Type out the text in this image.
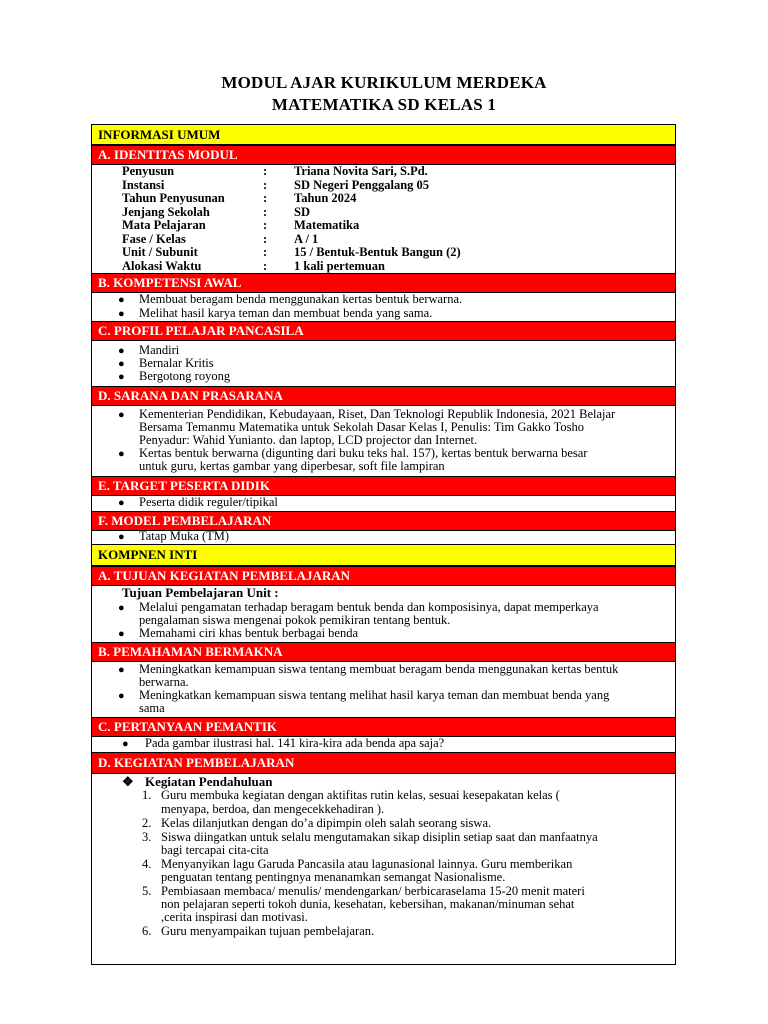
MODUL AJAR KURIKULUM MERDEKA
MATEMATIKA SD KELAS 1
INFORMASI UMUM
A. IDENTITAS MODUL
Penyusun	: Triana Novita Sari, S.Pd.
Instansi	: SD Negeri Penggalang 05
Tahun Penyusunan	: Tahun 2024
Jenjang Sekolah	: SD
Mata Pelajaran	: Matematika
Fase / Kelas	: A / 1
Unit / Subunit	: 15 / Bentuk-Bentuk Bangun (2)
Alokasi Waktu	: 1 kali pertemuan
B. KOMPETENSI AWAL
●	Membuat beragam benda menggunakan kertas bentuk berwarna.
●	Melihat hasil karya teman dan membuat benda yang sama.
C. PROFIL PELAJAR PANCASILA
●	Mandiri
●	Bernalar Kritis
●	Bergotong royong
D. SARANA DAN PRASARANA
●	Kementerian Pendidikan, Kebudayaan, Riset, Dan Teknologi Republik Indonesia, 2021 Belajar
Bersama Temanmu Matematika untuk Sekolah Dasar Kelas I, Penulis: Tim Gakko Tosho
Penyadur: Wahid Yunianto. dan laptop, LCD projector dan Internet.
●	Kertas bentuk berwarna (digunting dari buku teks hal. 157), kertas bentuk berwarna besar
untuk guru, kertas gambar yang diperbesar, soft file lampiran
E. TARGET PESERTA DIDIK
●	Peserta didik reguler/tipikal
F. MODEL PEMBELAJARAN
●	Tatap Muka (TM)
KOMPNEN INTI
A. TUJUAN KEGIATAN PEMBELAJARAN
Tujuan Pembelajaran Unit :
●	Melalui pengamatan terhadap beragam bentuk benda dan komposisinya, dapat memperkaya
pengalaman siswa mengenai pokok pemikiran tentang bentuk.
●	Memahami ciri khas bentuk berbagai benda
B. PEMAHAMAN BERMAKNA
●	Meningkatkan kemampuan siswa tentang membuat beragam benda menggunakan kertas bentuk
berwarna.
●	Meningkatkan kemampuan siswa tentang melihat hasil karya teman dan membuat benda yang
sama
C. PERTANYAAN PEMANTIK
●	Pada gambar ilustrasi hal. 141 kira-kira ada benda apa saja?
D. KEGIATAN PEMBELAJARAN
❖ Kegiatan Pendahuluan
1. Guru membuka kegiatan dengan aktifitas rutin kelas, sesuai kesepakatan kelas (
menyapa, berdoa, dan mengecekkehadiran ).
2. Kelas dilanjutkan dengan do’a dipimpin oleh salah seorang siswa.
3. Siswa diingatkan untuk selalu mengutamakan sikap disiplin setiap saat dan manfaatnya
bagi tercapai cita-cita
4. Menyanyikan lagu Garuda Pancasila atau lagunasional lainnya. Guru memberikan
penguatan tentang pentingnya menanamkan semangat Nasionalisme.
5. Pembiasaan membaca/ menulis/ mendengarkan/ berbicaraselama 15-20 menit materi
non pelajaran seperti tokoh dunia, kesehatan, kebersihan, makanan/minuman sehat
,cerita inspirasi dan motivasi.
6. Guru menyampaikan tujuan pembelajaran.
